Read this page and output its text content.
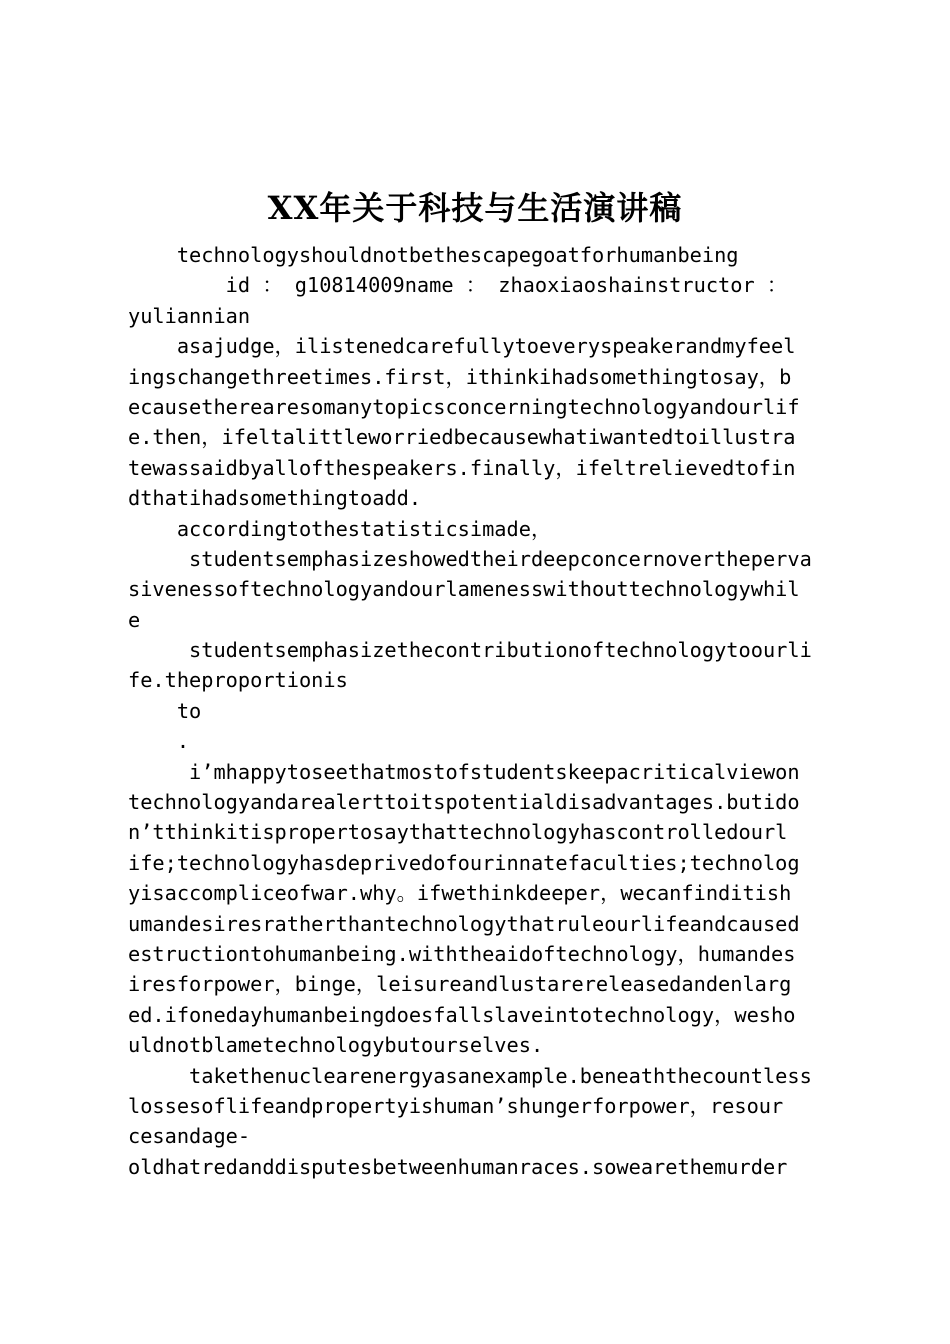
XX年关于科技与生活演讲稿
technologyshouldnotbethescapegoatforhumanbeing
id ： g10814009name ： zhaoxiaoshainstructor ：
yuliannian
asajudge，ilistenedcarefullytoeveryspeakerandmyfeel
ingschangethreetimes.first，ithinkihadsomethingtosay，b
ecausetherearesomanytopicsconcerningtechnologyandourlif
e.then，ifeltalittleworriedbecausewhatiwantedtoillustra
tewassaidbyallofthespeakers.finally，ifeltrelievedtofin
dthatihadsomethingtoadd.
accordingtothestatisticsimade，
studentsemphasizeshowedtheirdeepconcernovertheperva
sivenessoftechnologyandourlamenesswithouttechnologywhil
e
studentsemphasizethecontributionoftechnologytoourli
fe.theproportionis
to
.
i’mhappytoseethatmostofstudentskeepacriticalviewon
technologyandarealerttoitspotentialdisadvantages.butido
n’tthinkitispropertosaythattechnologyhascontrolledourl
ife;technologyhasdeprivedofourinnatefaculties;technolog
yisaccompliceofwar.why。ifwethinkdeeper，wecanfinditish
umandesiresratherthantechnologythatruleourlifeandcaused
estructiontohumanbeing.withtheaidoftechnology，humandes
iresforpower，binge，leisureandlustarereleasedandenlarg
ed.ifonedayhumanbeingdoesfallslaveintotechnology，wesho
uldnotblametechnologybutourselves.
takethenuclearenergyasanexample.beneaththecountless
lossesoflifeandpropertyishuman’shungerforpower，resour
cesandage-
oldhatredanddisputesbetweenhumanraces.sowearethemurder
